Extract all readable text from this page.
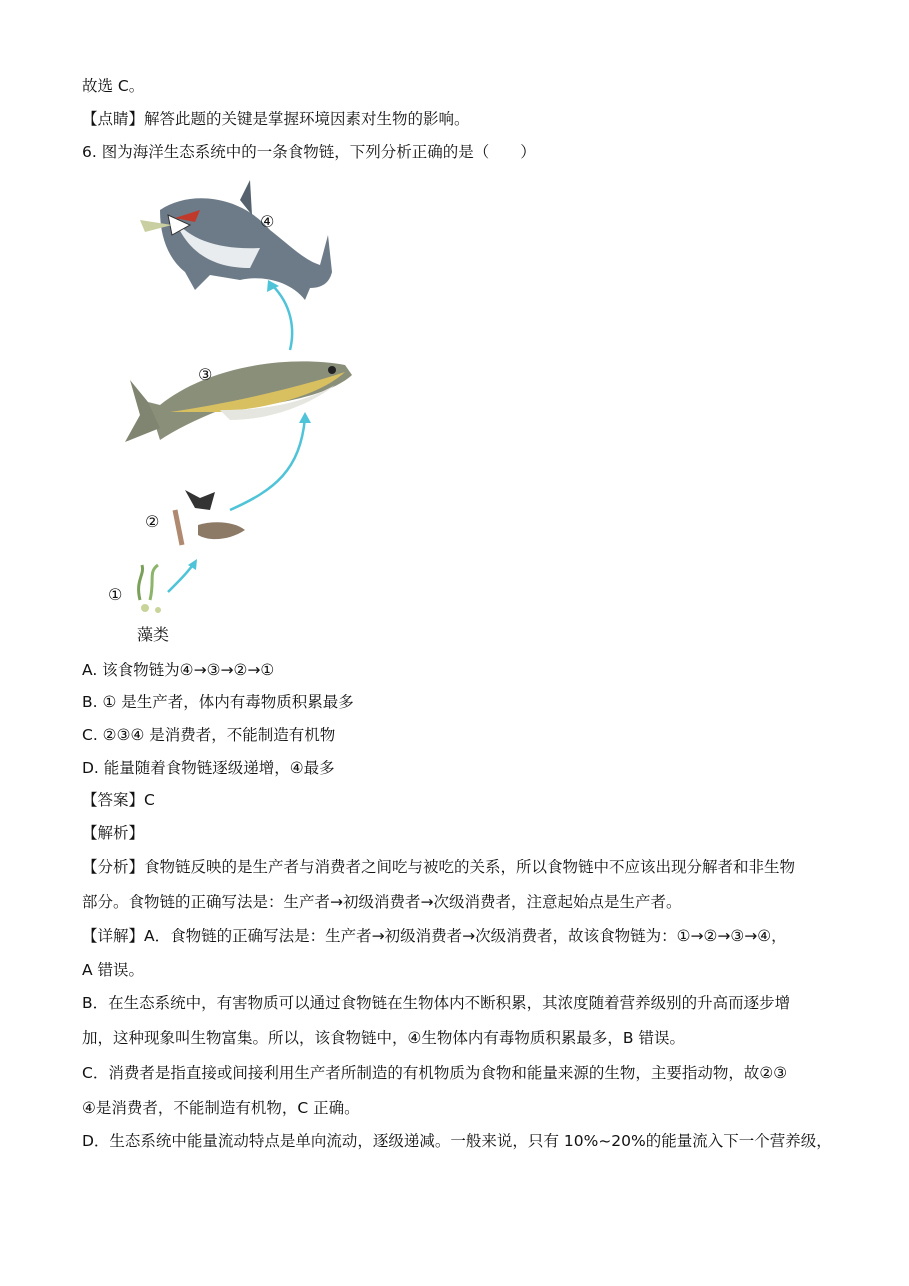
故选 C。
【点睛】解答此题的关键是掌握环境因素对生物的影响。
6. 图为海洋生态系统中的一条食物链，下列分析正确的是（　　）
④
③
②
①
藻类
A. 该食物链为④→③→②→①
B. ① 是生产者，体内有毒物质积累最多
C. ②③④ 是消费者，不能制造有机物
D. 能量随着食物链逐级递增，④最多
【答案】C
【解析】
【分析】食物链反映的是生产者与消费者之间吃与被吃的关系，所以食物链中不应该出现分解者和非生物
部分。食物链的正确写法是：生产者→初级消费者→次级消费者，注意起始点是生产者。
【详解】A．食物链的正确写法是：生产者→初级消费者→次级消费者，故该食物链为：①→②→③→④，
A 错误。
B．在生态系统中，有害物质可以通过食物链在生物体内不断积累，其浓度随着营养级别的升高而逐步增
加，这种现象叫生物富集。所以，该食物链中，④生物体内有毒物质积累最多，B 错误。
C．消费者是指直接或间接利用生产者所制造的有机物质为食物和能量来源的生物，主要指动物，故②③
④是消费者，不能制造有机物，C 正确。
D．生态系统中能量流动特点是单向流动，逐级递减。一般来说，只有 10%~20%的能量流入下一个营养级，
